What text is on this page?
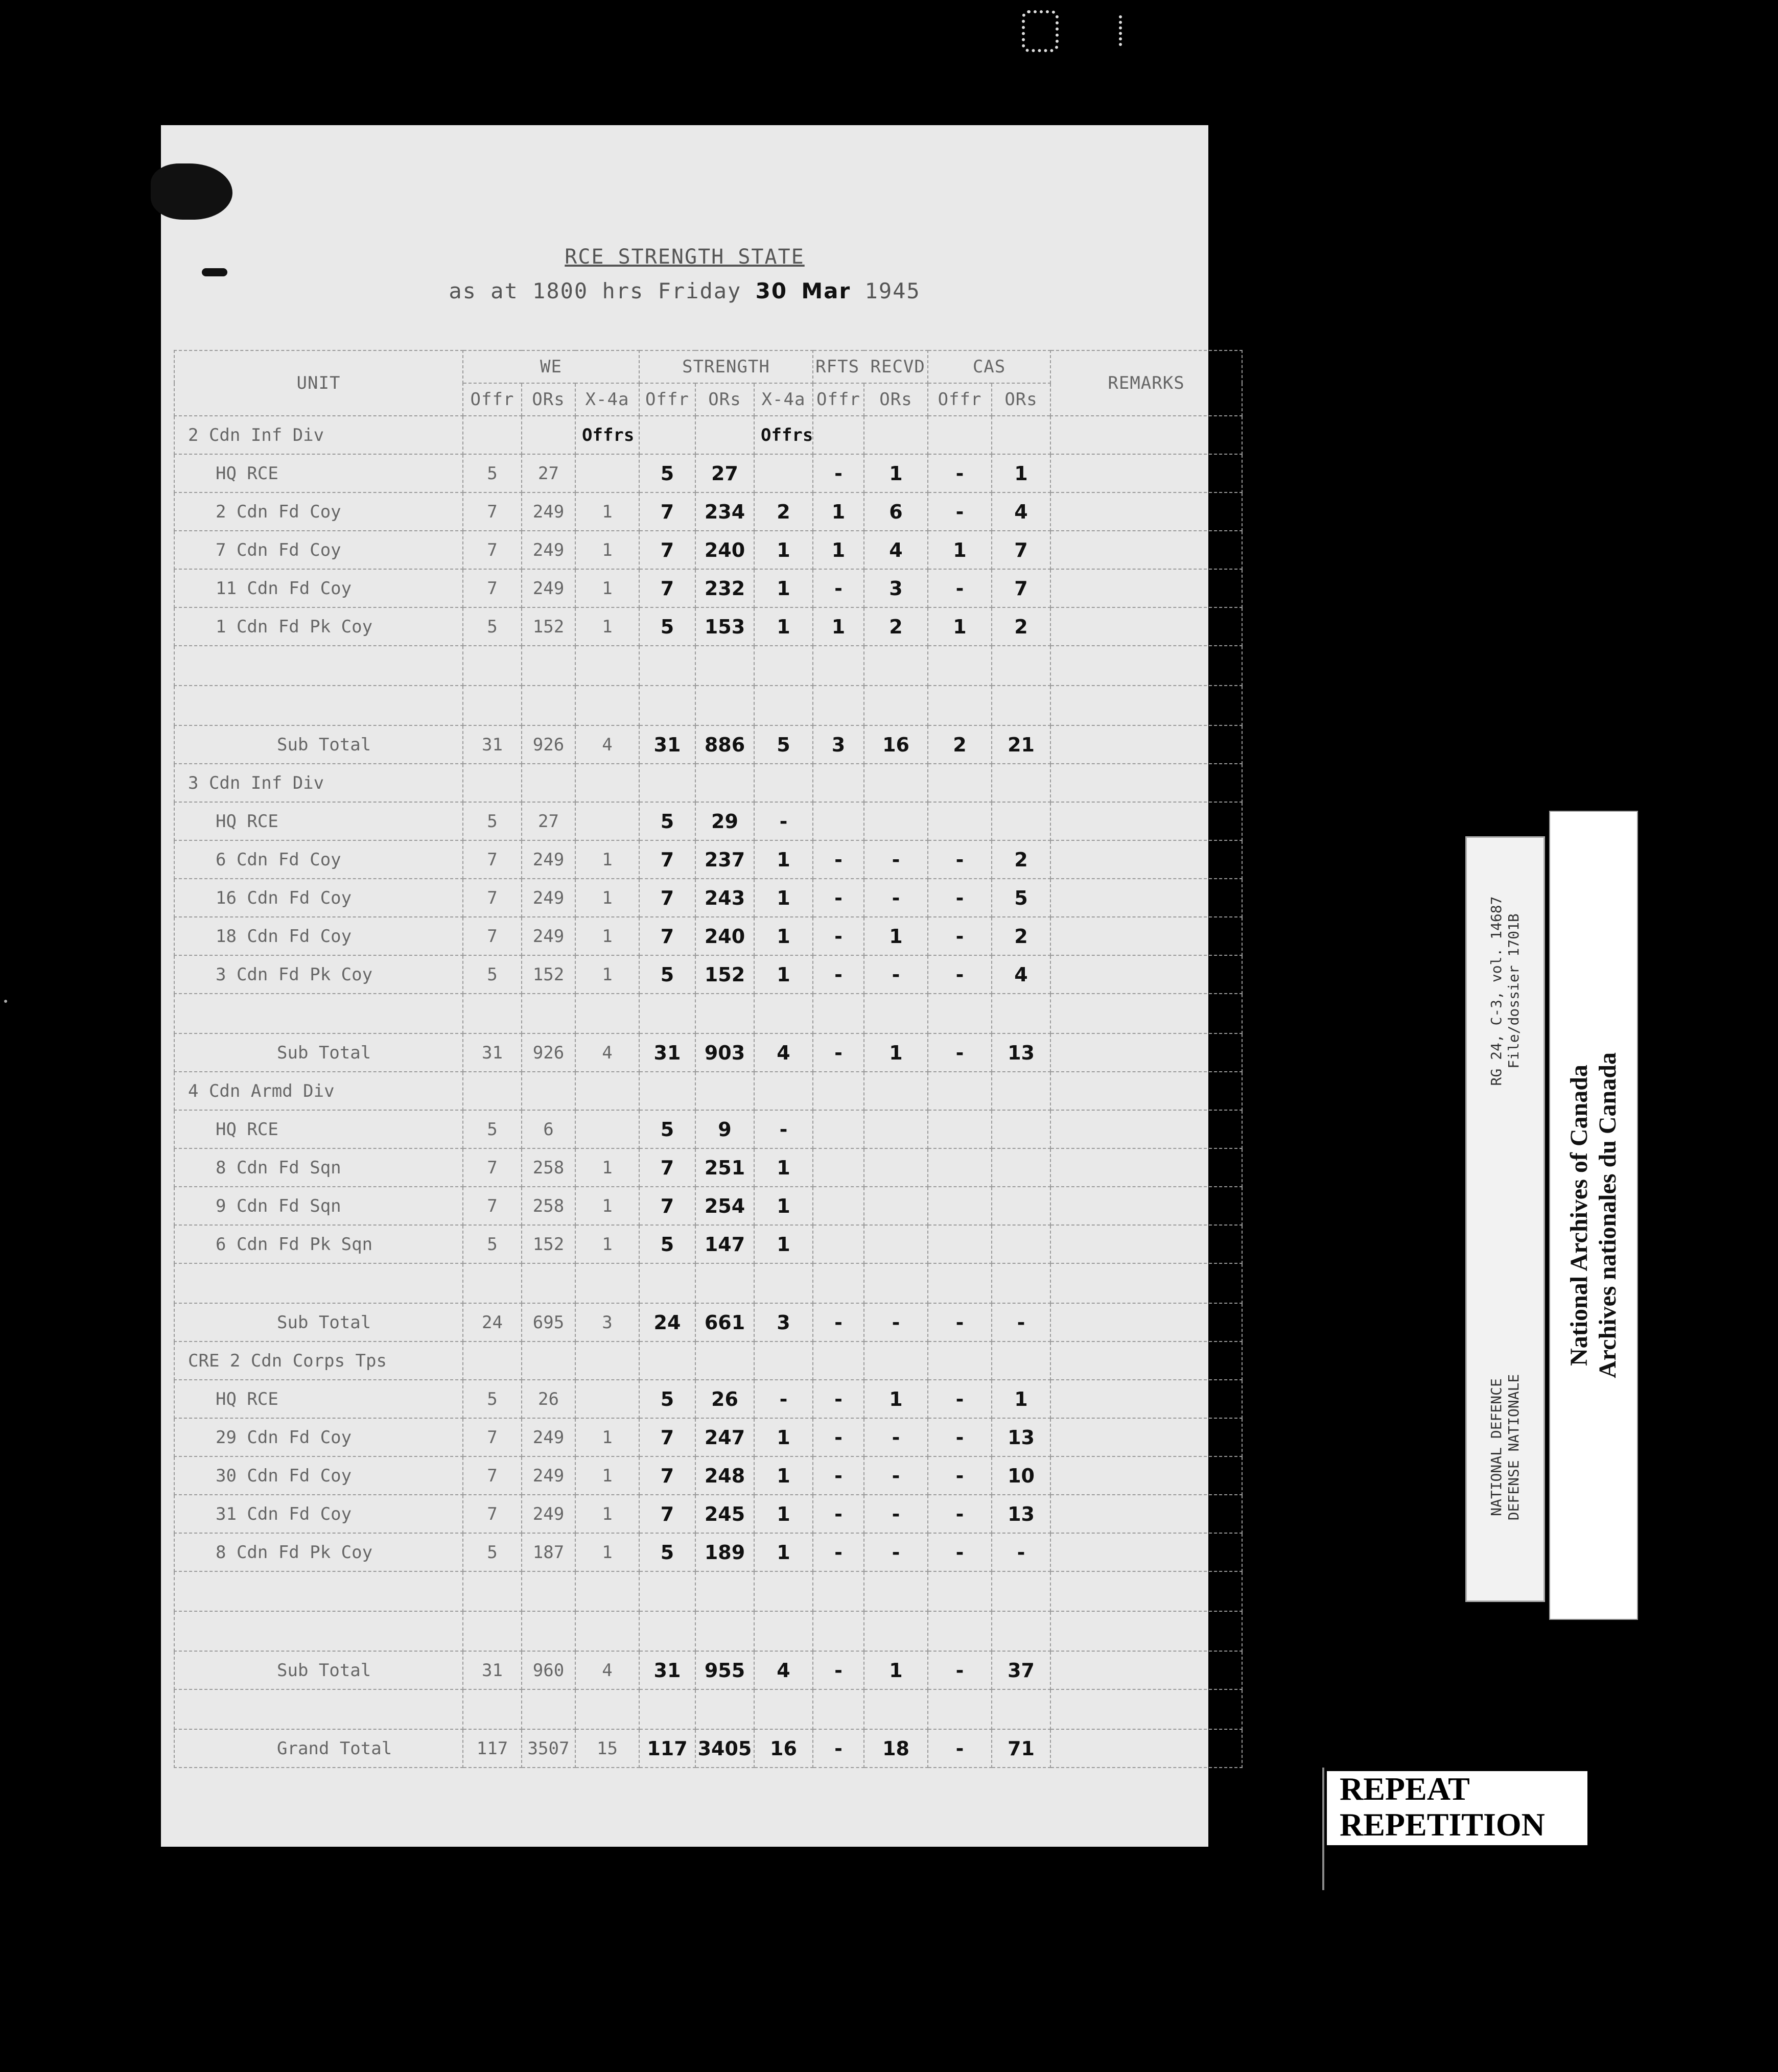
RCE STRENGTH STATE
as at 1800 hrs Friday 30 Mar 1945
UNIT	WE			STRENGTH			RFTS RECVD		CAS		REMARKS
	Offr	ORs	X-4a	Offr	ORs	X-4a	Offr	ORs	Offr	ORs	
2 Cdn Inf Div			Offrs			Offrs					
HQ RCE	5	27		5	27		-	1	-	1	
2 Cdn Fd Coy	7	249	1	7	234	2	1	6	-	4	
7 Cdn Fd Coy	7	249	1	7	240	1	1	4	1	7	
11 Cdn Fd Coy	7	249	1	7	232	1	-	3	-	7	
1 Cdn Fd Pk Coy	5	152	1	5	153	1	1	2	1	2	

Sub Total	31	926	4	31	886	5	3	16	2	21	
3 Cdn Inf Div											
HQ RCE	5	27		5	29	-					
6 Cdn Fd Coy	7	249	1	7	237	1	-	-	-	2	
16 Cdn Fd Coy	7	249	1	7	243	1	-	-	-	5	
18 Cdn Fd Coy	7	249	1	7	240	1	-	1	-	2	
3 Cdn Fd Pk Coy	5	152	1	5	152	1	-	-	-	4	

Sub Total	31	926	4	31	903	4	-	1	-	13	
4 Cdn Armd Div											
HQ RCE	5	6		5	9	-					
8 Cdn Fd Sqn	7	258	1	7	251	1					
9 Cdn Fd Sqn	7	258	1	7	254	1					
6 Cdn Fd Pk Sqn	5	152	1	5	147	1					

Sub Total	24	695	3	24	661	3	-	-	-	-	
CRE 2 Cdn Corps Tps											
HQ RCE	5	26		5	26	-	-	1	-	1	
29 Cdn Fd Coy	7	249	1	7	247	1	-	-	-	13	
30 Cdn Fd Coy	7	249	1	7	248	1	-	-	-	10	
31 Cdn Fd Coy	7	249	1	7	245	1	-	-	-	13	
8 Cdn Fd Pk Coy	5	187	1	5	189	1	-	-	-	-	

Sub Total	31	960	4	31	955	4	-	1	-	37	

Grand Total	117	3507	15	117	3405	16	-	18	-	71	
RG 24, C-3, vol. 14687 File/dossier 1701B
NATIONAL DEFENCE DEFENSE NATIONALE
National Archives of Canada Archives nationales du Canada
REPEAT
REPETITION
